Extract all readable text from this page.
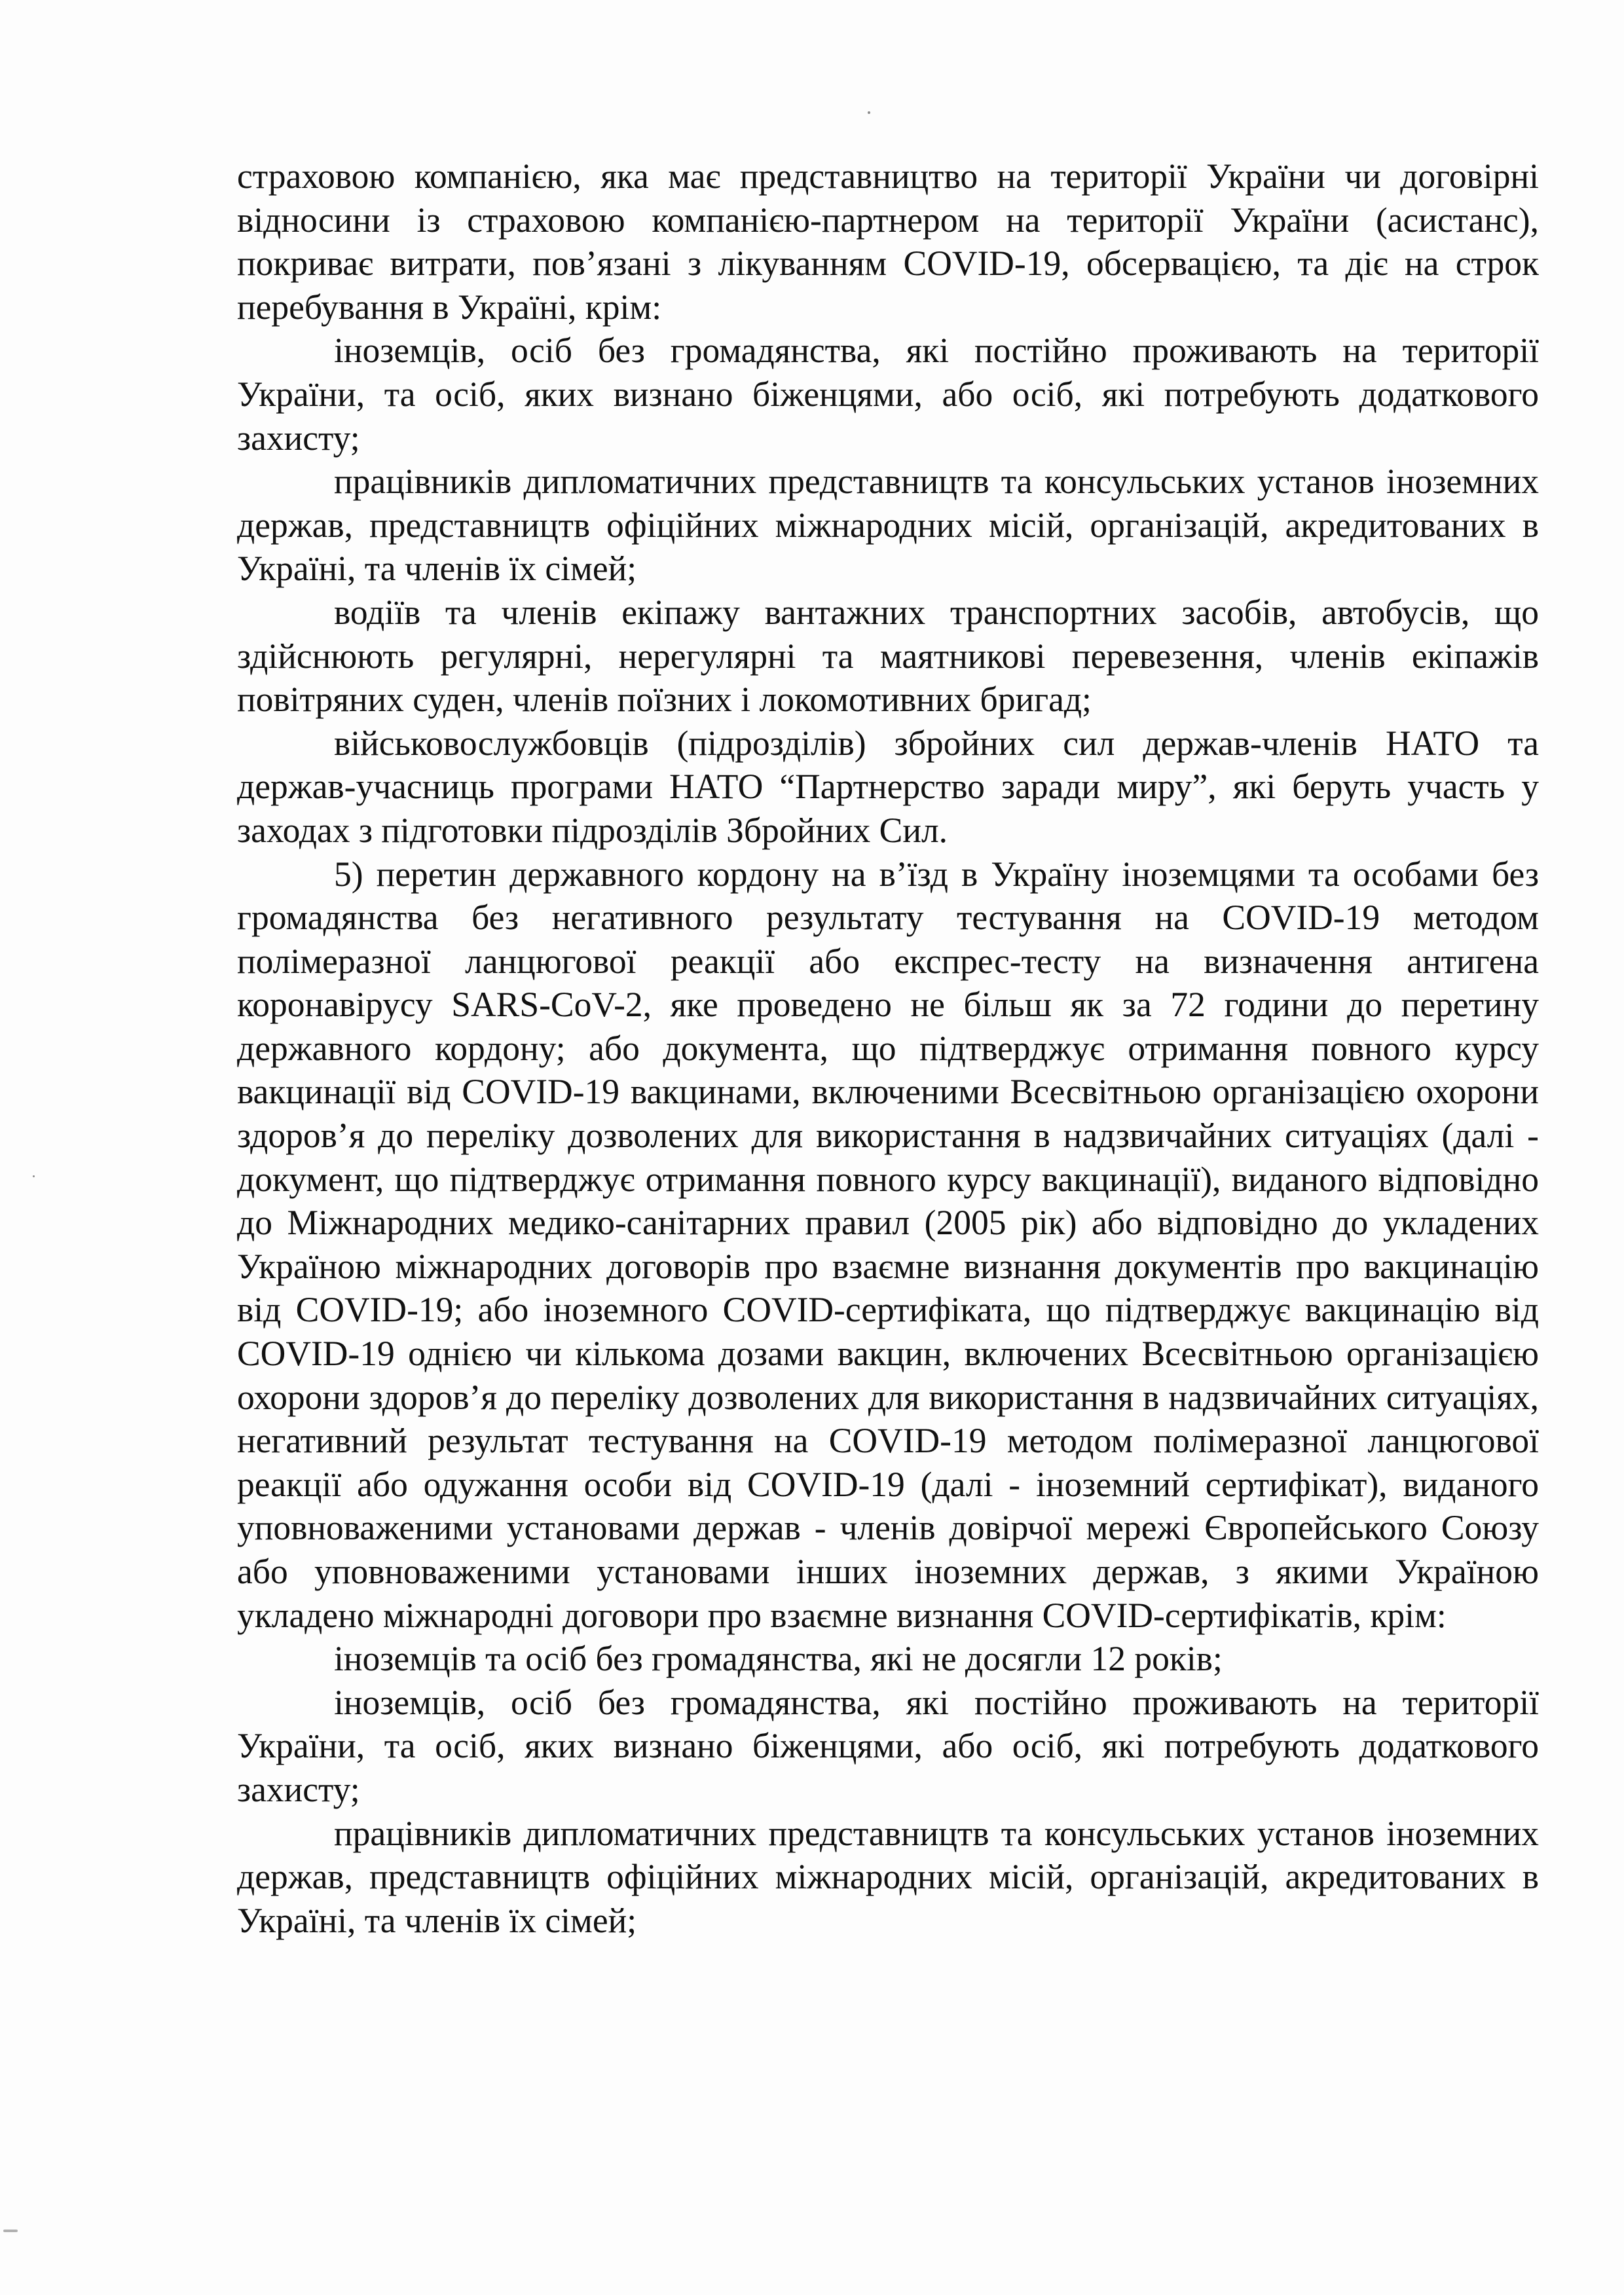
страховою компанією, яка має представництво на території України чи договірні відносини із страховою компанією-партнером на території України (асистанс), покриває витрати, пов’язані з лікуванням COVID-19, обсервацією, та діє на строк перебування в Україні, крім:

іноземців, осіб без громадянства, які постійно проживають на території України, та осіб, яких визнано біженцями, або осіб, які потребують додаткового захисту;

працівників дипломатичних представництв та консульських установ іноземних держав, представництв офіційних міжнародних місій, організацій, акредитованих в Україні, та членів їх сімей;

водіїв та членів екіпажу вантажних транспортних засобів, автобусів, що здійснюють регулярні, нерегулярні та маятникові перевезення, членів екіпажів повітряних суден, членів поїзних і локомотивних бригад;

військовослужбовців (підрозділів) збройних сил держав-членів НАТО та держав-учасниць програми НАТО “Партнерство заради миру”, які беруть участь у заходах з підготовки підрозділів Збройних Сил.

5) перетин державного кордону на в’їзд в Україну іноземцями та особами без громадянства без негативного результату тестування на COVID-19 методом полімеразної ланцюгової реакції або експрес-тесту на визначення антигена коронавірусу SARS-CoV-2, яке проведено не більш як за 72 години до перетину державного кордону; або документа, що підтверджує отримання повного курсу вакцинації від COVID-19 вакцинами, включеними Всесвітньою організацією охорони здоров’я до переліку дозволених для використання в надзвичайних ситуаціях (далі - документ, що підтверджує отримання повного курсу вакцинації), виданого відповідно до Міжнародних медико-санітарних правил (2005 рік) або відповідно до укладених Україною міжнародних договорів про взаємне визнання документів про вакцинацію від COVID-19; або іноземного COVID-сертифіката, що підтверджує вакцинацію від COVID-19 однією чи кількома дозами вакцин, включених Всесвітньою організацією охорони здоров’я до переліку дозволених для використання в надзвичайних ситуаціях, негативний результат тестування на COVID-19 методом полімеразної ланцюгової реакції або одужання особи від COVID-19 (далі - іноземний сертифікат), виданого уповноваженими установами держав - членів довірчої мережі Європейського Союзу або уповноваженими установами інших іноземних держав, з якими Україною укладено міжнародні договори про взаємне визнання COVID-сертифікатів, крім:

іноземців та осіб без громадянства, які не досягли 12 років;

іноземців, осіб без громадянства, які постійно проживають на території України, та осіб, яких визнано біженцями, або осіб, які потребують додаткового захисту;

працівників дипломатичних представництв та консульських установ іноземних держав, представництв офіційних міжнародних місій, організацій, акредитованих в Україні, та членів їх сімей;
